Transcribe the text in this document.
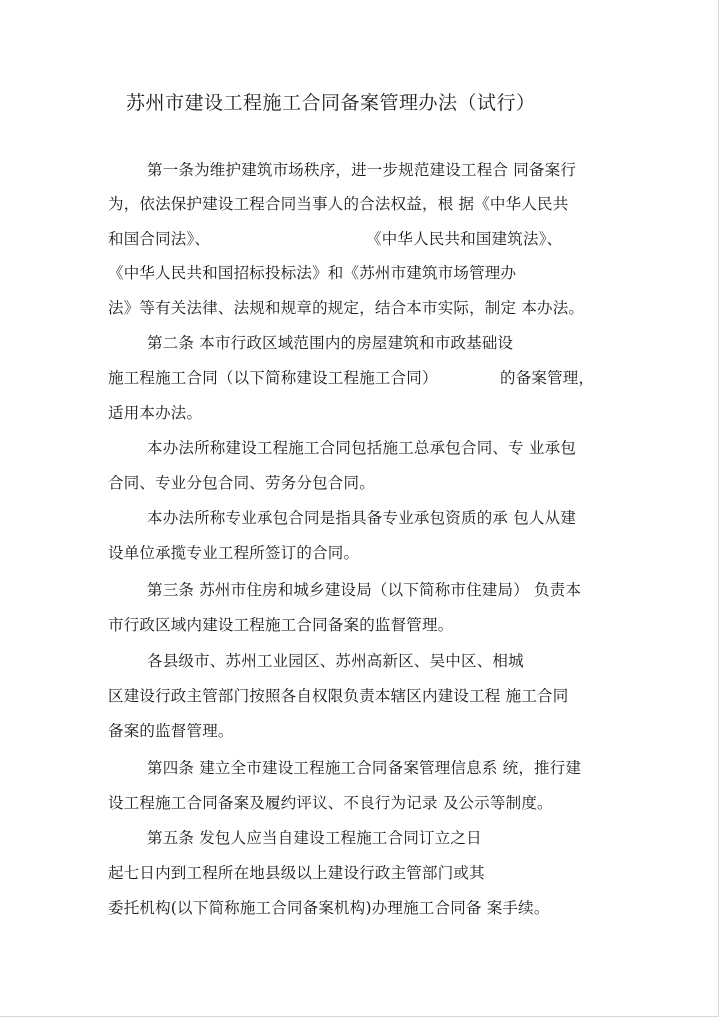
苏州市建设工程施工合同备案管理办法（试行）
第一条为维护建筑市场秩序，进一步规范建设工程合 同备案行
为，依法保护建设工程合同当事人的合法权益，根 据《中华人民共
和国合同法》、	《中华人民共和国建筑法》、
《中华人民共和国招标投标法》和《苏州市建筑市场管理办
法》等有关法律、法规和规章的规定，结合本市实际，制定 本办法。
第二条 本市行政区域范围内的房屋建筑和市政基础设
施工程施工合同（以下简称建设工程施工合同）	的备案管理，
适用本办法。
本办法所称建设工程施工合同包括施工总承包合同、专 业承包
合同、专业分包合同、劳务分包合同。
本办法所称专业承包合同是指具备专业承包资质的承 包人从建
设单位承揽专业工程所签订的合同。
第三条 苏州市住房和城乡建设局（以下简称市住建局） 负责本
市行政区域内建设工程施工合同备案的监督管理。
各县级市、苏州工业园区、苏州高新区、吴中区、相城
区建设行政主管部门按照各自权限负责本辖区内建设工程 施工合同
备案的监督管理。
第四条 建立全市建设工程施工合同备案管理信息系 统，推行建
设工程施工合同备案及履约评议、不良行为记录 及公示等制度。
第五条 发包人应当自建设工程施工合同订立之日
起七日内到工程所在地县级以上建设行政主管部门或其
委托机构(以下简称施工合同备案机构)办理施工合同备 案手续。
